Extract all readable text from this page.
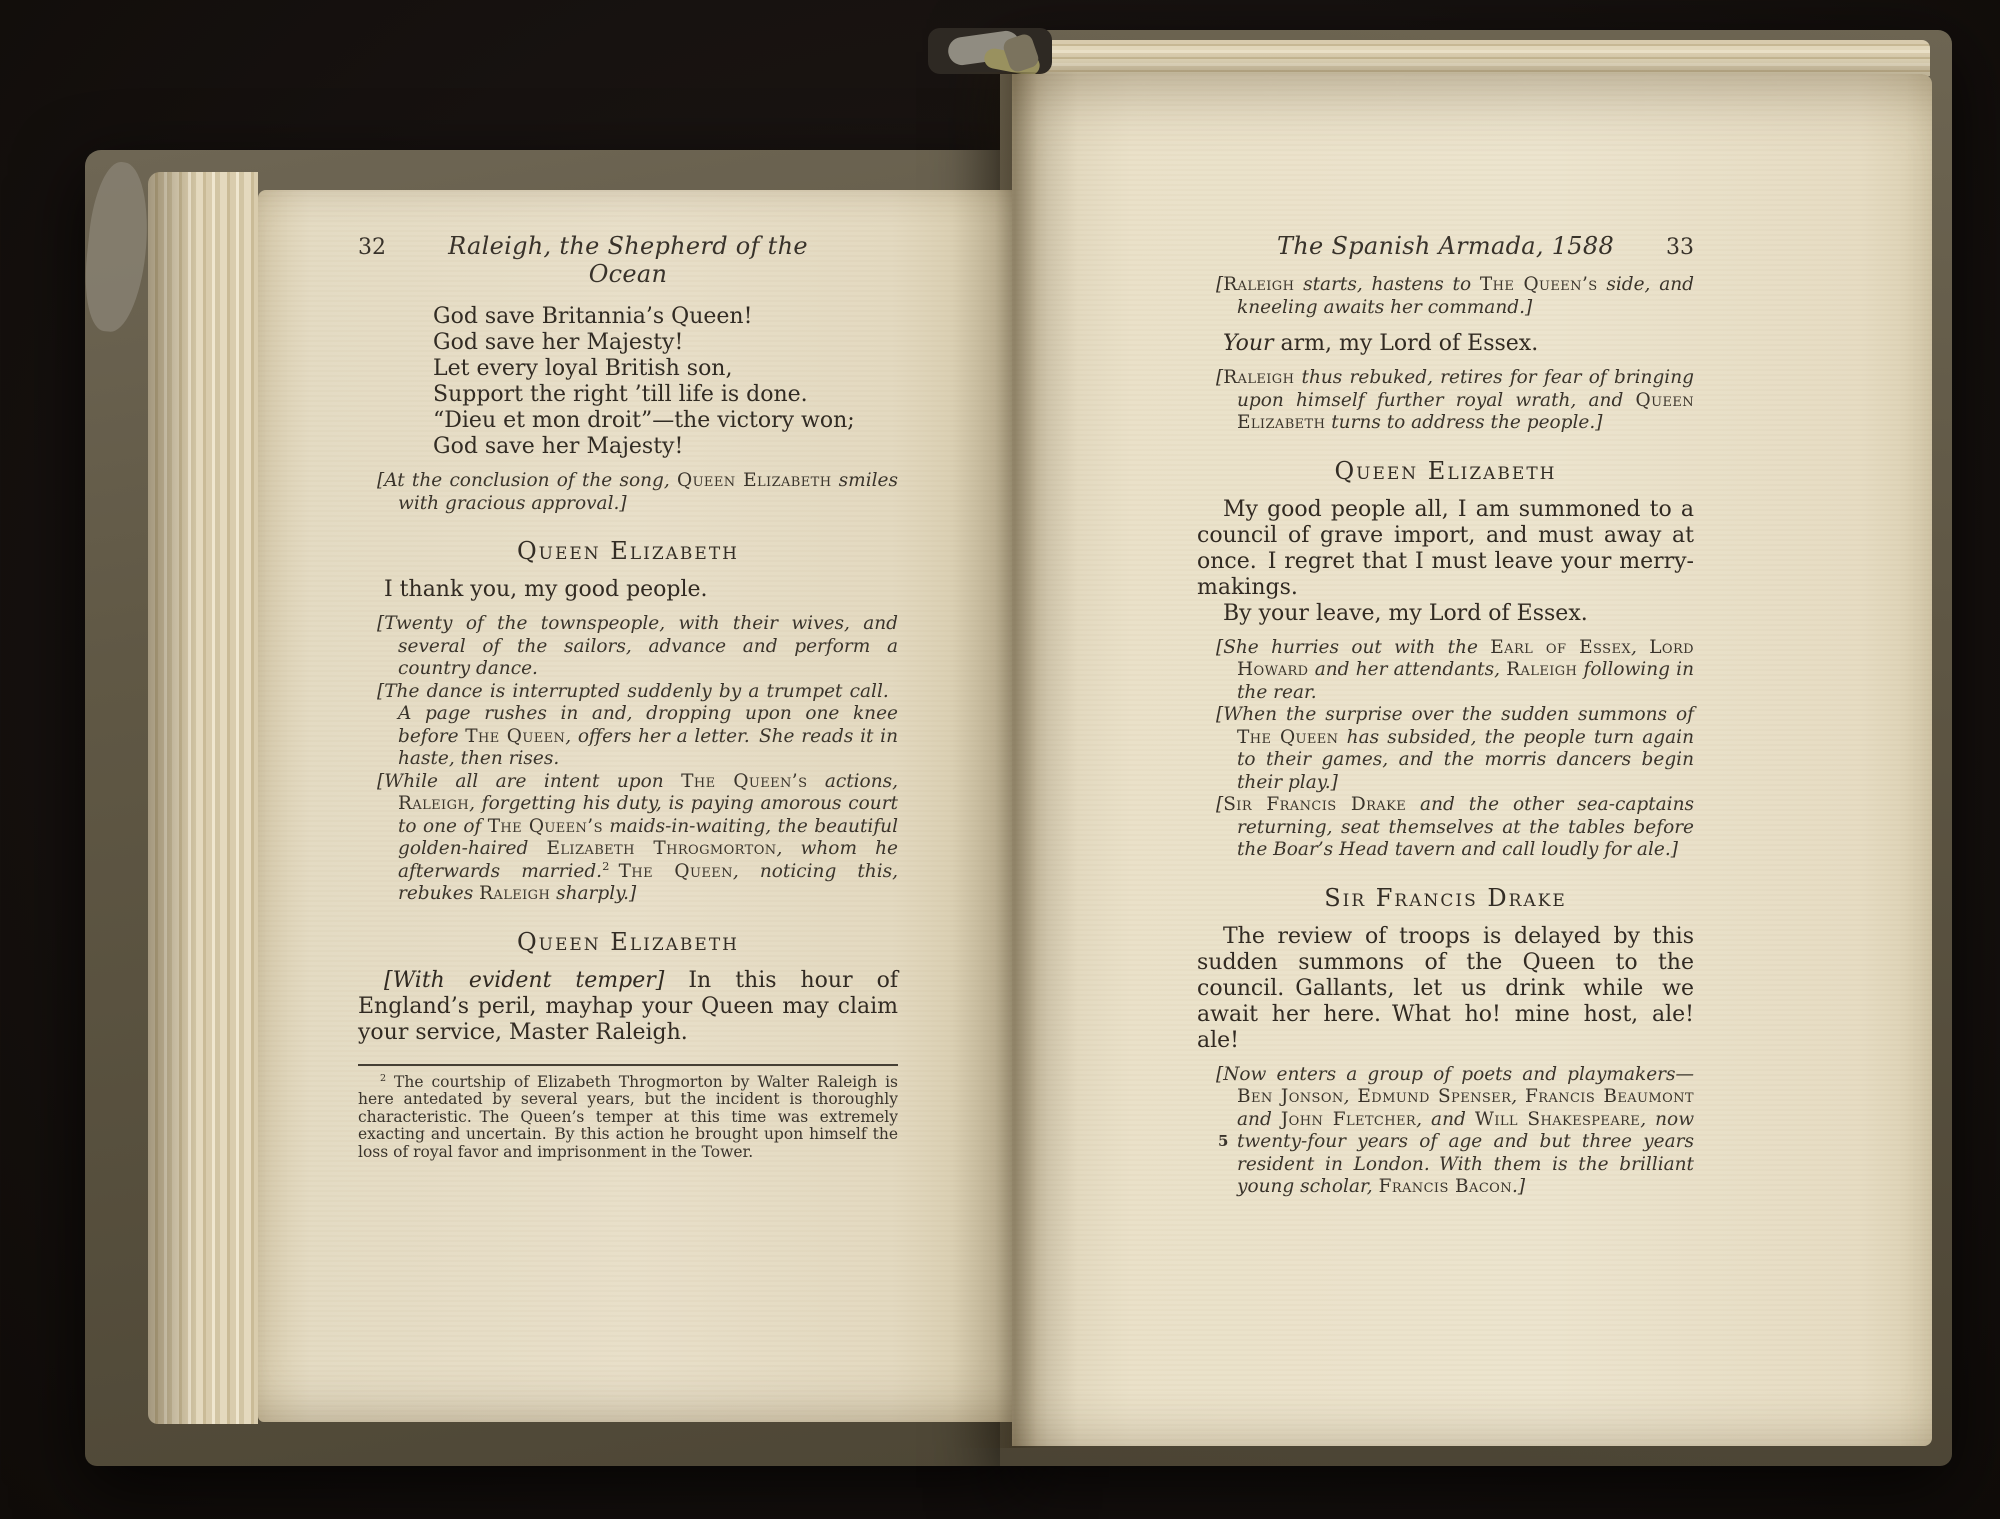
32	Raleigh, the Shepherd of the Ocean
God save Britannia’s Queen!
God save her Majesty!
Let every loyal British son,
Support the right ’till life is done.
“Dieu et mon droit”—the victory won;
God save her Majesty!

[At the conclusion of the song, Queen Elizabeth smiles with gracious approval.]

Queen Elizabeth

I thank you, my good people.

[Twenty of the townspeople, with their wives, and several of the sailors, advance and perform a country dance.

[The dance is interrupted suddenly by a trumpet call. A page rushes in and, dropping upon one knee before The Queen, offers her a letter. She reads it in haste, then rises.

[While all are intent upon The Queen’s actions, Raleigh, forgetting his duty, is paying amorous court to one of The Queen’s maids-in-waiting, the beautiful golden-haired Elizabeth Throgmorton, whom he afterwards married.$^2$  The Queen, noticing this, rebukes Raleigh sharply.]

Queen Elizabeth

[With evident temper] In this hour of England’s peril, mayhap your Queen may claim your service, Master Raleigh.

$^2$ The courtship of Elizabeth Throgmorton by Walter Raleigh is here antedated by several years, but the incident is thoroughly characteristic. The Queen’s temper at this time was extremely exacting and uncertain. By this action he brought upon himself the loss of royal favor and imprisonment in the Tower.

The Spanish Armada, 1588	33

[Raleigh starts, hastens to The Queen’s side, and kneeling awaits her command.]

Your arm, my Lord of Essex.

[Raleigh thus rebuked, retires for fear of bringing upon himself further royal wrath, and Queen Elizabeth turns to address the people.]

Queen Elizabeth

My good people all, I am summoned to a council of grave import, and must away at once. I regret that I must leave your merry-makings.

By your leave, my Lord of Essex.

[She hurries out with the Earl of Essex, Lord Howard and her attendants, Raleigh following in the rear.

[When the surprise over the sudden summons of The Queen has subsided, the people turn again to their games, and the morris dancers begin their play.]

[Sir Francis Drake and the other sea-captains returning, seat themselves at the tables before the Boar’s Head tavern and call loudly for ale.]

Sir Francis Drake

The review of troops is delayed by this sudden summons of the Queen to the council. Gallants, let us drink while we await her here. What ho! mine host, ale! ale!

[Now enters a group of poets and playmakers—Ben Jonson, Edmund Spenser, Francis Beaumont and John Fletcher, and Will Shakespeare, now twenty-four years of age and but three years resident in London. With them is the brilliant young scholar, Francis Bacon.]

5
